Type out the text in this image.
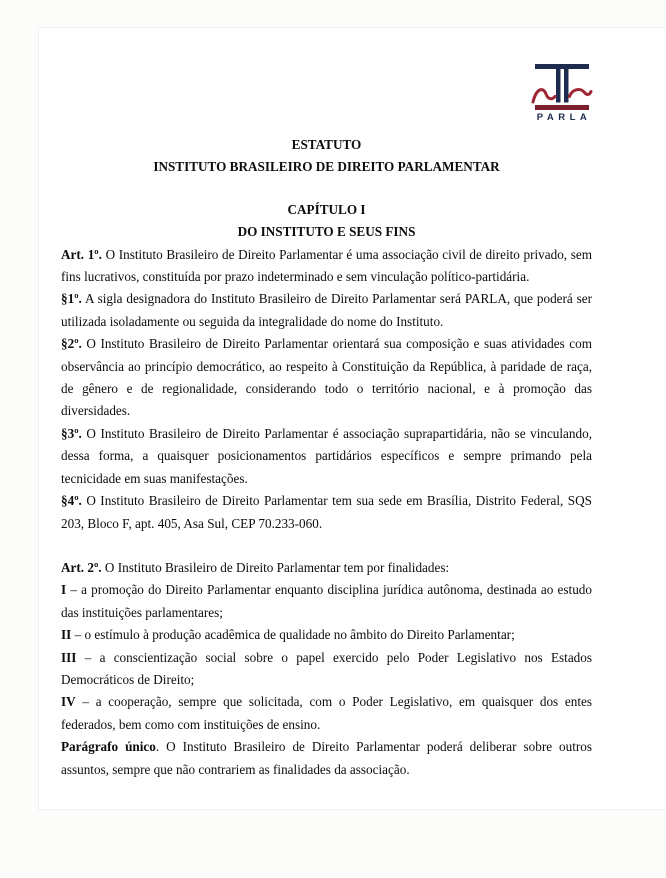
PARLA
ESTATUTO
INSTITUTO BRASILEIRO DE DIREITO PARLAMENTAR
CAPÍTULO I
DO INSTITUTO E SEUS FINS

Art. 1º. O Instituto Brasileiro de Direito Parlamentar é uma associação civil de direito privado, sem fins lucrativos, constituída por prazo indeterminado e sem vinculação político-partidária.

§1º. A sigla designadora do Instituto Brasileiro de Direito Parlamentar será PARLA, que poderá ser utilizada isoladamente ou seguida da integralidade do nome do Instituto.

§2º. O Instituto Brasileiro de Direito Parlamentar orientará sua composição e suas atividades com observância ao princípio democrático, ao respeito à Constituição da República, à paridade de raça, de gênero e de regionalidade, considerando todo o território nacional, e à promoção das diversidades.

§3º. O Instituto Brasileiro de Direito Parlamentar é associação suprapartidária, não se vinculando, dessa forma, a quaisquer posicionamentos partidários específicos e sempre primando pela tecnicidade em suas manifestações.

§4º. O Instituto Brasileiro de Direito Parlamentar tem sua sede em Brasília, Distrito Federal, SQS 203, Bloco F, apt. 405, Asa Sul, CEP 70.233-060.

Art. 2º. O Instituto Brasileiro de Direito Parlamentar tem por finalidades:

I – a promoção do Direito Parlamentar enquanto disciplina jurídica autônoma, destinada ao estudo das instituições parlamentares;

II – o estímulo à produção acadêmica de qualidade no âmbito do Direito Parlamentar;

III – a conscientização social sobre o papel exercido pelo Poder Legislativo nos Estados Democráticos de Direito;

IV – a cooperação, sempre que solicitada, com o Poder Legislativo, em quaisquer dos entes federados, bem como com instituições de ensino.

Parágrafo único. O Instituto Brasileiro de Direito Parlamentar poderá deliberar sobre outros assuntos, sempre que não contrariem as finalidades da associação.
